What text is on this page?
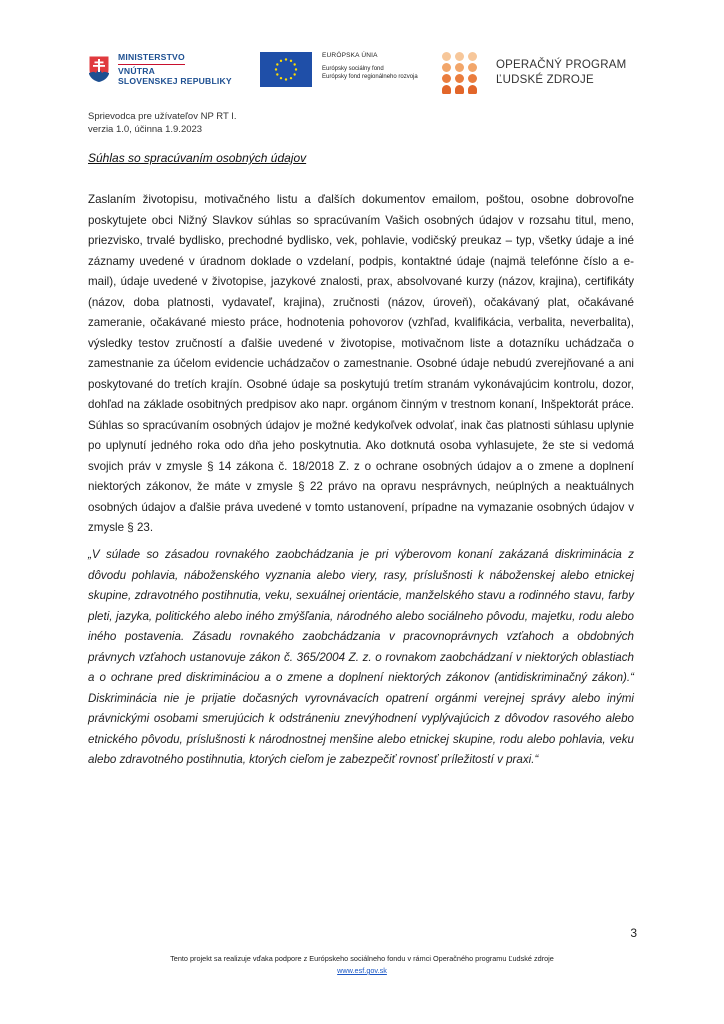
MINISTERSTVO
VNÚTRA
SLOVENSKEJ REPUBLIKY
EURÓPSKA ÚNIA
Európsky sociálny fond
Európsky fond regionálneho rozvoja
OPERAČNÝ PROGRAM
ĽUDSKÉ ZDROJE
Sprievodca pre užívateľov NP RT I.
verzia 1.0, účinna 1.9.2023
Súhlas so spracúvaním osobných údajov

Zaslaním životopisu, motivačného listu a ďalších dokumentov emailom, poštou, osobne dobrovoľne poskytujete obci Nižný Slavkov súhlas so spracúvaním Vašich osobných údajov v rozsahu titul, meno, priezvisko, trvalé bydlisko, prechodné bydlisko, vek, pohlavie, vodičský preukaz – typ, všetky údaje a iné záznamy uvedené v úradnom doklade o vzdelaní, podpis, kontaktné údaje (najmä telefónne číslo a e-mail), údaje uvedené v životopise, jazykové znalosti, prax, absolvované kurzy (názov, krajina), certifikáty (názov, doba platnosti, vydavateľ, krajina), zručnosti (názov, úroveň), očakávaný plat, očakávané zameranie, očakávané miesto práce, hodnotenia pohovorov (vzhľad, kvalifikácia, verbalita, neverbalita), výsledky testov zručností a ďalšie uvedené v životopise, motivačnom liste a dotazníku uchádzača o zamestnanie za účelom evidencie uchádzačov o zamestnanie. Osobné údaje nebudú zverejňované a ani poskytované do tretích krajín. Osobné údaje sa poskytujú tretím stranám vykonávajúcim kontrolu, dozor, dohľad na základe osobitných predpisov ako napr. orgánom činným v trestnom konaní, Inšpektorát práce. Súhlas so spracúvaním osobných údajov je možné kedykoľvek odvolať, inak čas platnosti súhlasu uplynie po uplynutí jedného roka odo dňa jeho poskytnutia. Ako dotknutá osoba vyhlasujete, že ste si vedomá svojich práv v zmysle § 14 zákona č. 18/2018 Z. z o ochrane osobných údajov a o zmene a doplnení niektorých zákonov, že máte v zmysle § 22 právo na opravu nesprávnych, neúplných a neaktuálnych osobných údajov a ďalšie práva uvedené v tomto ustanovení, prípadne na vymazanie osobných údajov v zmysle § 23.

„V súlade so zásadou rovnakého zaobchádzania je pri výberovom konaní zakázaná diskriminácia z dôvodu pohlavia, náboženského vyznania alebo viery, rasy, príslušnosti k náboženskej alebo etnickej skupine, zdravotného postihnutia, veku, sexuálnej orientácie, manželského stavu a rodinného stavu, farby pleti, jazyka, politického alebo iného zmýšľania, národného alebo sociálneho pôvodu, majetku, rodu alebo iného postavenia. Zásadu rovnakého zaobchádzania v pracovnoprávnych vzťahoch a obdobných právnych vzťahoch ustanovuje zákon č. 365/2004 Z. z. o rovnakom zaobchádzaní v niektorých oblastiach a o ochrane pred diskrimináciou a o zmene a doplnení niektorých zákonov (antidiskriminačný zákon).“ Diskriminácia nie je prijatie dočasných vyrovnávacích opatrení orgánmi verejnej správy alebo inými právnickými osobami smerujúcich k odstráneniu znevýhodnení vyplývajúcich z dôvodov rasového alebo etnického pôvodu, príslušnosti k národnostnej menšine alebo etnickej skupine, rodu alebo pohlavia, veku alebo zdravotného postihnutia, ktorých cieľom je zabezpečiť rovnosť príležitostí v praxi.“

3
Tento projekt sa realizuje vďaka podpore z Európskeho sociálneho fondu v rámci Operačného programu Ľudské zdroje
www.esf.gov.sk
